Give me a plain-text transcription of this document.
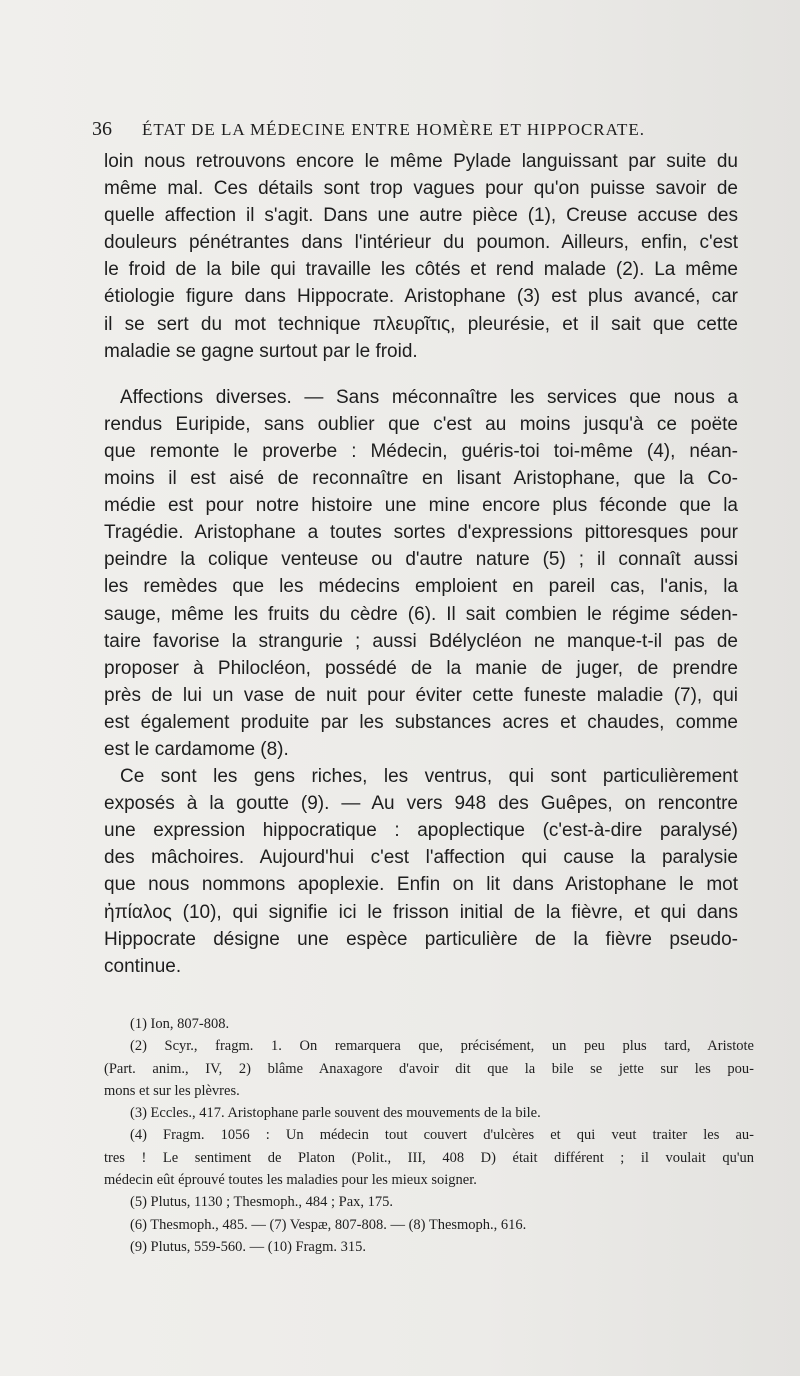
36 ÉTAT DE LA MÉDECINE ENTRE HOMÈRE ET HIPPOCRATE.

loin nous retrouvons encore le même Pylade languissant par suite du
même mal. Ces détails sont trop vagues pour qu'on puisse savoir de
quelle affection il s'agit. Dans une autre pièce (1), Creuse accuse des
douleurs pénétrantes dans l'intérieur du poumon. Ailleurs, enfin, c'est
le froid de la bile qui travaille les côtés et rend malade (2). La même
étiologie figure dans Hippocrate. Aristophane (3) est plus avancé, car
il se sert du mot technique πλευρῖτις, pleurésie, et il sait que cette
maladie se gagne surtout par le froid.

Affections diverses. — Sans méconnaître les services que nous a
rendus Euripide, sans oublier que c'est au moins jusqu'à ce poëte
que remonte le proverbe : Médecin, guéris-toi toi-même (4), néan-
moins il est aisé de reconnaître en lisant Aristophane, que la Co-
médie est pour notre histoire une mine encore plus féconde que la
Tragédie. Aristophane a toutes sortes d'expressions pittoresques pour
peindre la colique venteuse ou d'autre nature (5) ; il connaît aussi
les remèdes que les médecins emploient en pareil cas, l'anis, la
sauge, même les fruits du cèdre (6). Il sait combien le régime séden-
taire favorise la strangurie ; aussi Bdélycléon ne manque-t-il pas de
proposer à Philocléon, possédé de la manie de juger, de prendre
près de lui un vase de nuit pour éviter cette funeste maladie (7), qui
est également produite par les substances acres et chaudes, comme
est le cardamome (8).

Ce sont les gens riches, les ventrus, qui sont particulièrement
exposés à la goutte (9). — Au vers 948 des Guêpes, on rencontre
une expression hippocratique : apoplectique (c'est-à-dire paralysé)
des mâchoires. Aujourd'hui c'est l'affection qui cause la paralysie
que nous nommons apoplexie. Enfin on lit dans Aristophane le mot
ἠπίαλος (10), qui signifie ici le frisson initial de la fièvre, et qui dans
Hippocrate désigne une espèce particulière de la fièvre pseudo-
continue.

(1) Ion, 807-808.
(2) Scyr., fragm. 1. On remarquera que, précisément, un peu plus tard, Aristote
(Part. anim., IV, 2) blâme Anaxagore d'avoir dit que la bile se jette sur les pou-
mons et sur les plèvres.
(3) Eccles., 417. Aristophane parle souvent des mouvements de la bile.
(4) Fragm. 1056 : Un médecin tout couvert d'ulcères et qui veut traiter les au-
tres ! Le sentiment de Platon (Polit., III, 408 D) était différent ; il voulait qu'un
médecin eût éprouvé toutes les maladies pour les mieux soigner.
(5) Plutus, 1130 ; Thesmoph., 484 ; Pax, 175.
(6) Thesmoph., 485. — (7) Vespæ, 807-808. — (8) Thesmoph., 616.
(9) Plutus, 559-560. — (10) Fragm. 315.
